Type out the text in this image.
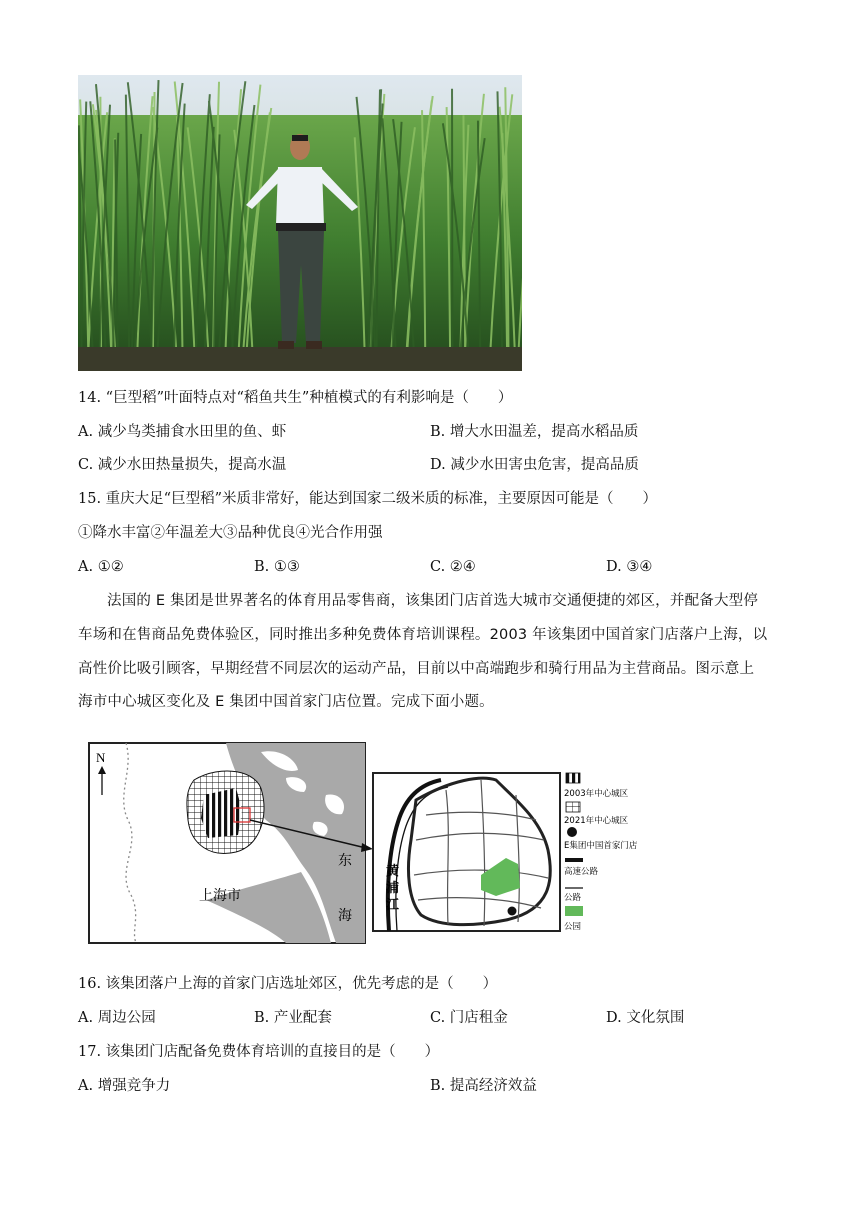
14. “巨型稻”叶面特点对“稻鱼共生”种植模式的有利影响是（　　）
A. 减少鸟类捕食水田里的鱼、虾	B. 增大水田温差，提高水稻品质
C. 减少水田热量损失，提高水温	D. 减少水田害虫危害，提高品质
15. 重庆大足“巨型稻”米质非常好，能达到国家二级米质的标准，主要原因可能是（　　）
①降水丰富②年温差大③品种优良④光合作用强
A. ①②	B. ①③	C. ②④	D. ③④
法国的 E 集团是世界著名的体育用品零售商，该集团门店首选大城市交通便捷的郊区，并配备大型停
车场和在售商品免费体验区，同时推出多种免费体育培训课程。2003 年该集团中国首家门店落户上海，以
高性价比吸引顾客，早期经营不同层次的运动产品，目前以中高端跑步和骑行用品为主营商品。图示意上
海市中心城区变化及 E 集团中国首家门店位置。完成下面小题。
N
上海市
东
海
黄
浦
江
2003年中心城区
2021年中心城区
E集团中国首家门店
高速公路
公路
公园
16. 该集团落户上海的首家门店选址郊区，优先考虑的是（　　）
A. 周边公园	B. 产业配套	C. 门店租金	D. 文化氛围
17. 该集团门店配备免费体育培训的直接目的是（　　）
A. 增强竞争力	B. 提高经济效益
